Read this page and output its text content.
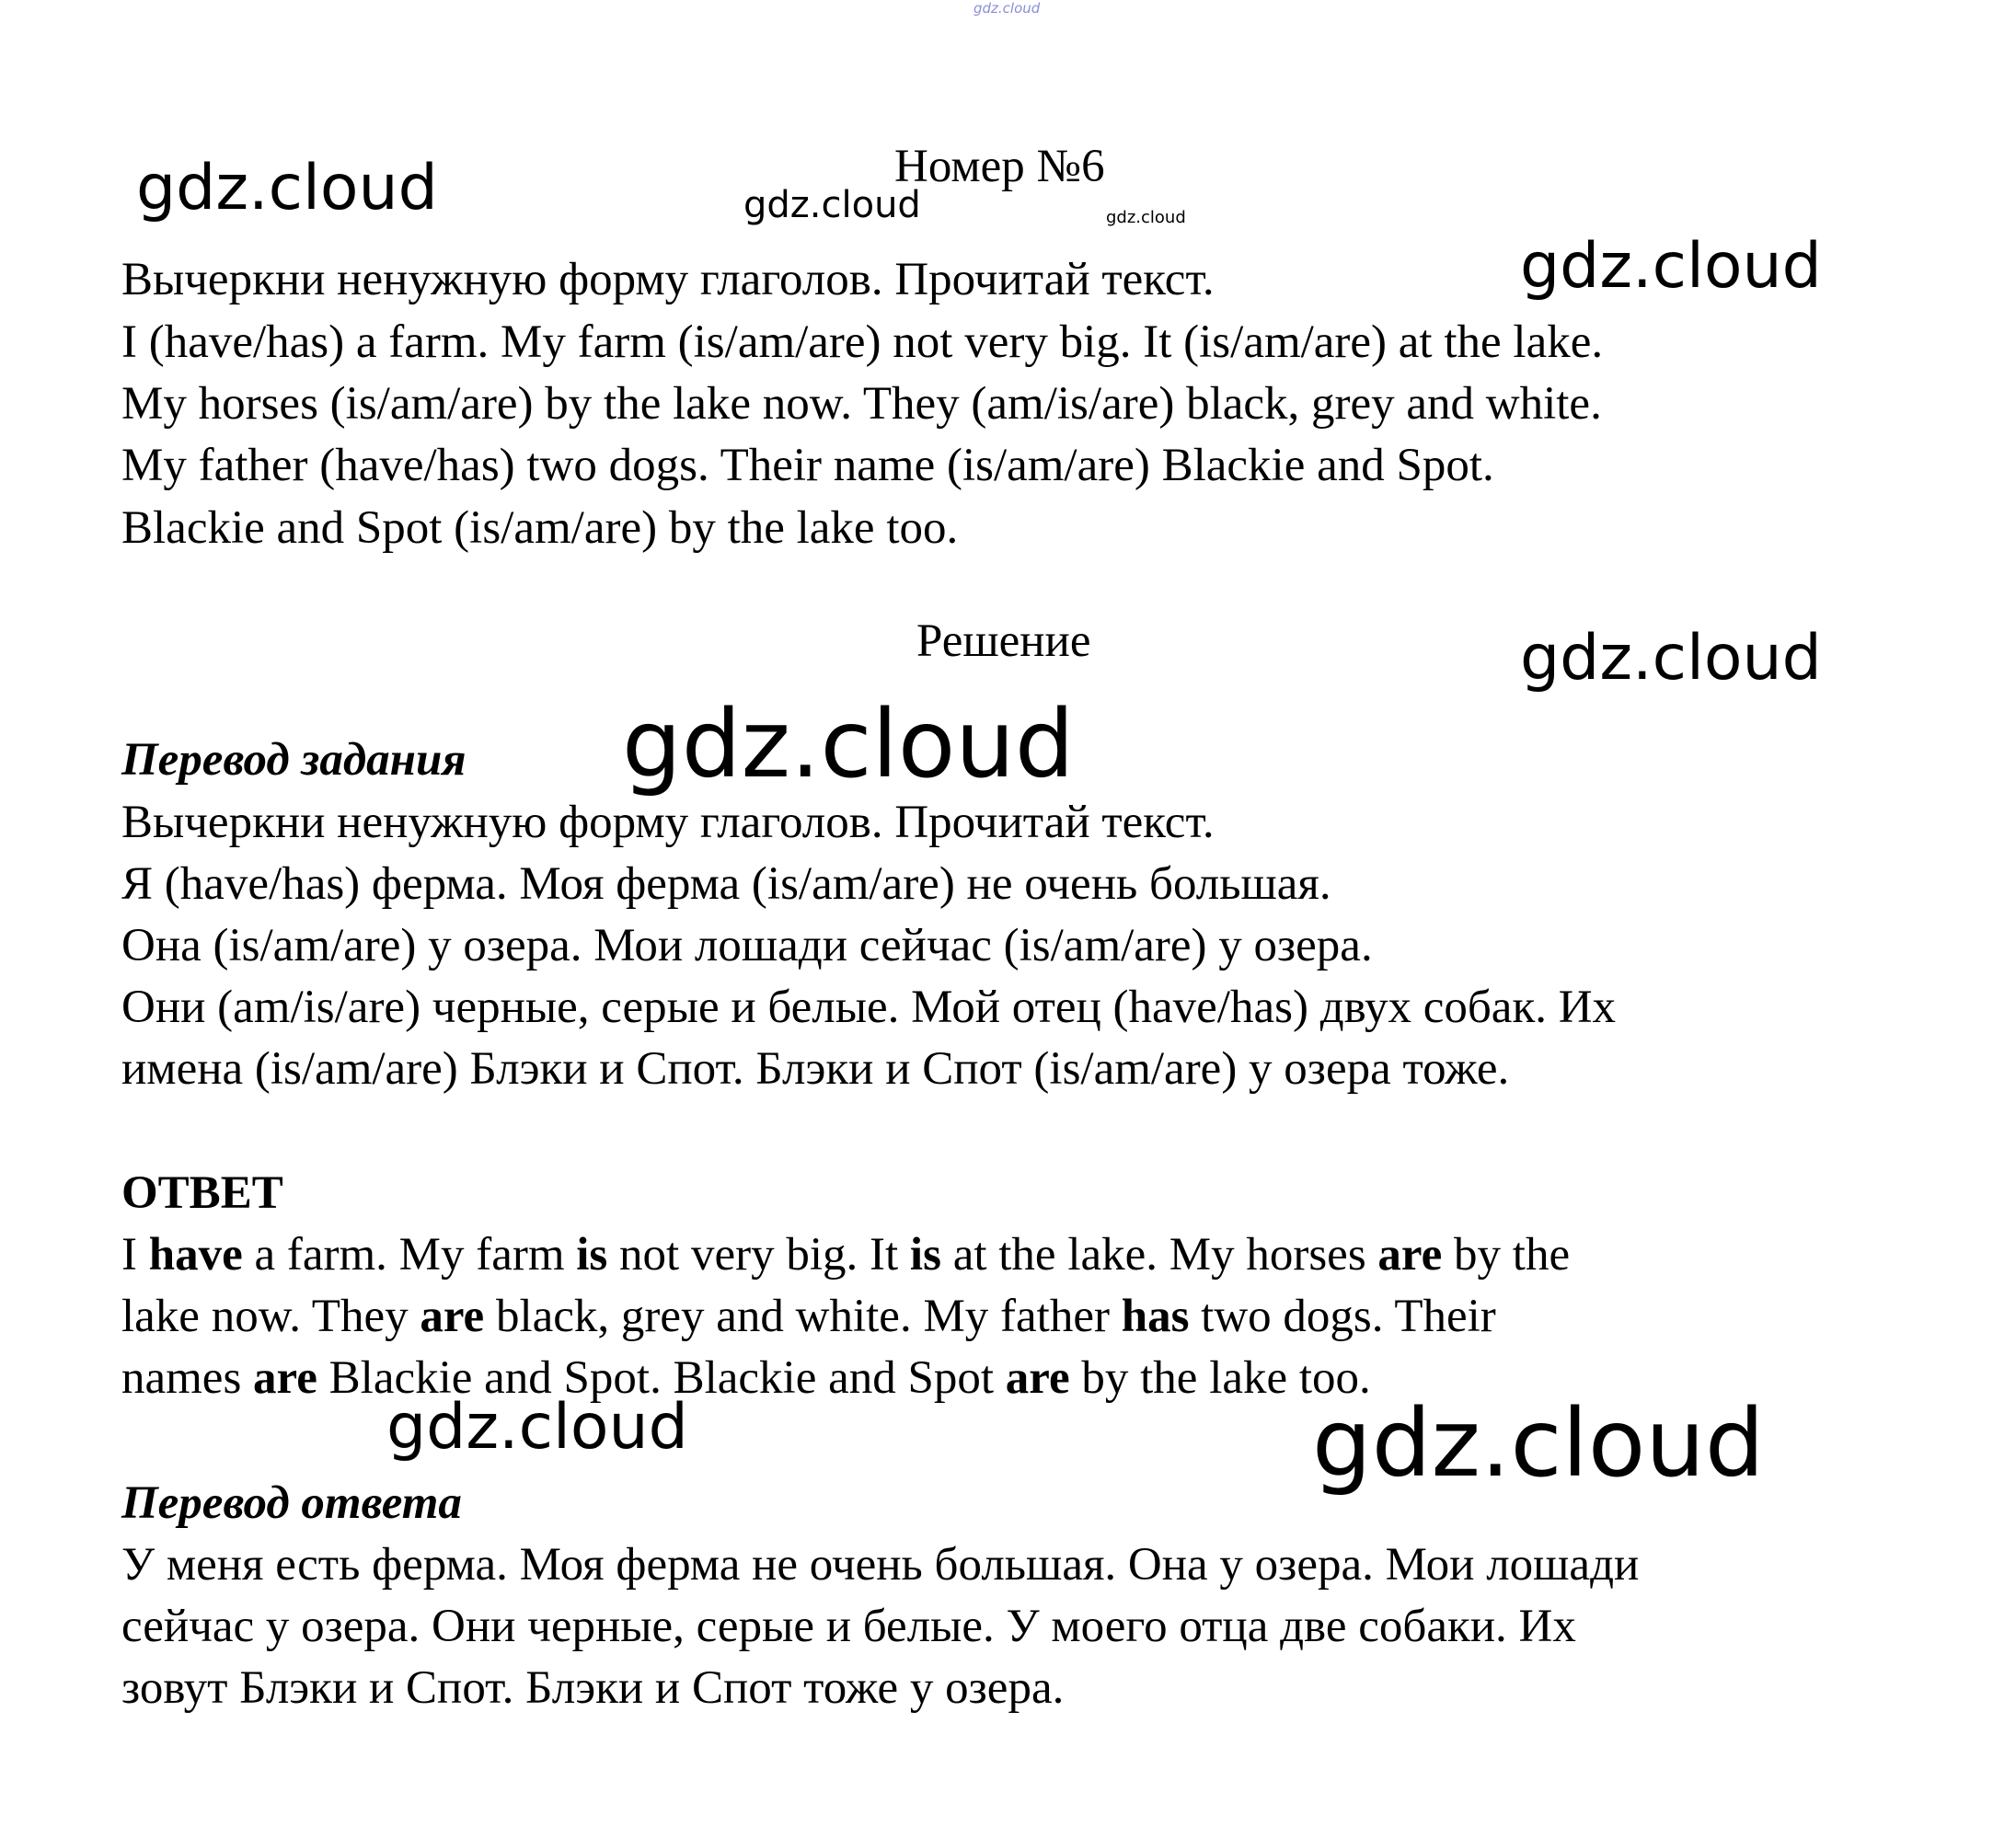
gdz.cloud
gdz.cloud	gdz.cloud	gdz.cloud
gdz.cloud
gdz.cloud
gdz.cloud
gdz.cloud	gdz.cloud
Номер №6
Вычеркни ненужную форму глаголов. Прочитай текст.
I (have/has) a farm. My farm (is/am/are) not very big. It (is/am/are) at the lake.
My horses (is/am/are) by the lake now. They (am/is/are) black, grey and white.
My father (have/has) two dogs. Their name (is/am/are) Blackie and Spot.
Blackie and Spot (is/am/are) by the lake too.
Решение
Перевод задания
Вычеркни ненужную форму глаголов. Прочитай текст.
Я (have/has) ферма. Моя ферма (is/am/are) не очень большая.
Она (is/am/are) у озера. Мои лошади сейчас (is/am/are) у озера.
Они (am/is/are) черные, серые и белые. Мой отец (have/has) двух собак. Их
имена (is/am/are) Блэки и Спот. Блэки и Спот (is/am/are) у озера тоже.
ОТВЕТ
I have a farm. My farm is not very big. It is at the lake. My horses are by the
lake now. They are black, grey and white. My father has two dogs. Their
names are Blackie and Spot. Blackie and Spot are by the lake too.
Перевод ответа
У меня есть ферма. Моя ферма не очень большая. Она у озера. Мои лошади
сейчас у озера. Они черные, серые и белые. У моего отца две собаки. Их
зовут Блэки и Спот. Блэки и Спот тоже у озера.
